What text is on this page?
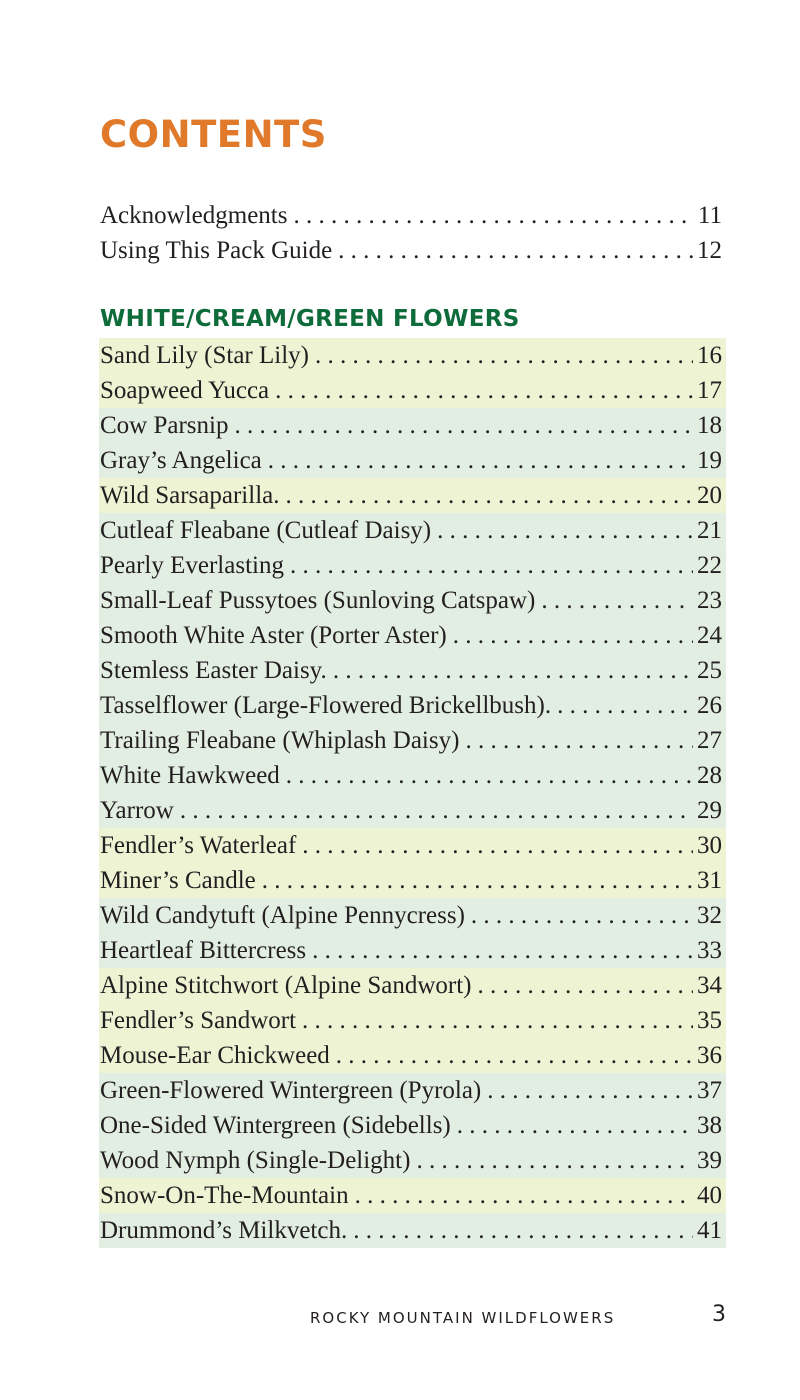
CONTENTS
Acknowledgments . . .	11
Using This Pack Guide . . .	12
WHITE/CREAM/GREEN FLOWERS
Sand Lily (Star Lily) . . .	16
Soapweed Yucca . . .	17
Cow Parsnip . . .	18
Gray’s Angelica . . .	19
Wild Sarsaparilla. . . .	20
Cutleaf Fleabane (Cutleaf Daisy) . . .	21
Pearly Everlasting . . .	22
Small-Leaf Pussytoes (Sunloving Catspaw) . . .	23
Smooth White Aster (Porter Aster) . . .	24
Stemless Easter Daisy. . . .	25
Tasselflower (Large-Flowered Brickellbush). . . .	26
Trailing Fleabane (Whiplash Daisy) . . .	27
White Hawkweed . . .	28
Yarrow . . .	29
Fendler’s Waterleaf . . .	30
Miner’s Candle . . .	31
Wild Candytuft (Alpine Pennycress) . . .	32
Heartleaf Bittercress . . .	33
Alpine Stitchwort (Alpine Sandwort) . . .	34
Fendler’s Sandwort . . .	35
Mouse-Ear Chickweed . . .	36
Green-Flowered Wintergreen (Pyrola) . . .	37
One-Sided Wintergreen (Sidebells) . . .	38
Wood Nymph (Single-Delight) . . .	39
Snow-On-The-Mountain . . .	40
Drummond’s Milkvetch. . . .	41
ROCKY MOUNTAIN WILDFLOWERS	3
